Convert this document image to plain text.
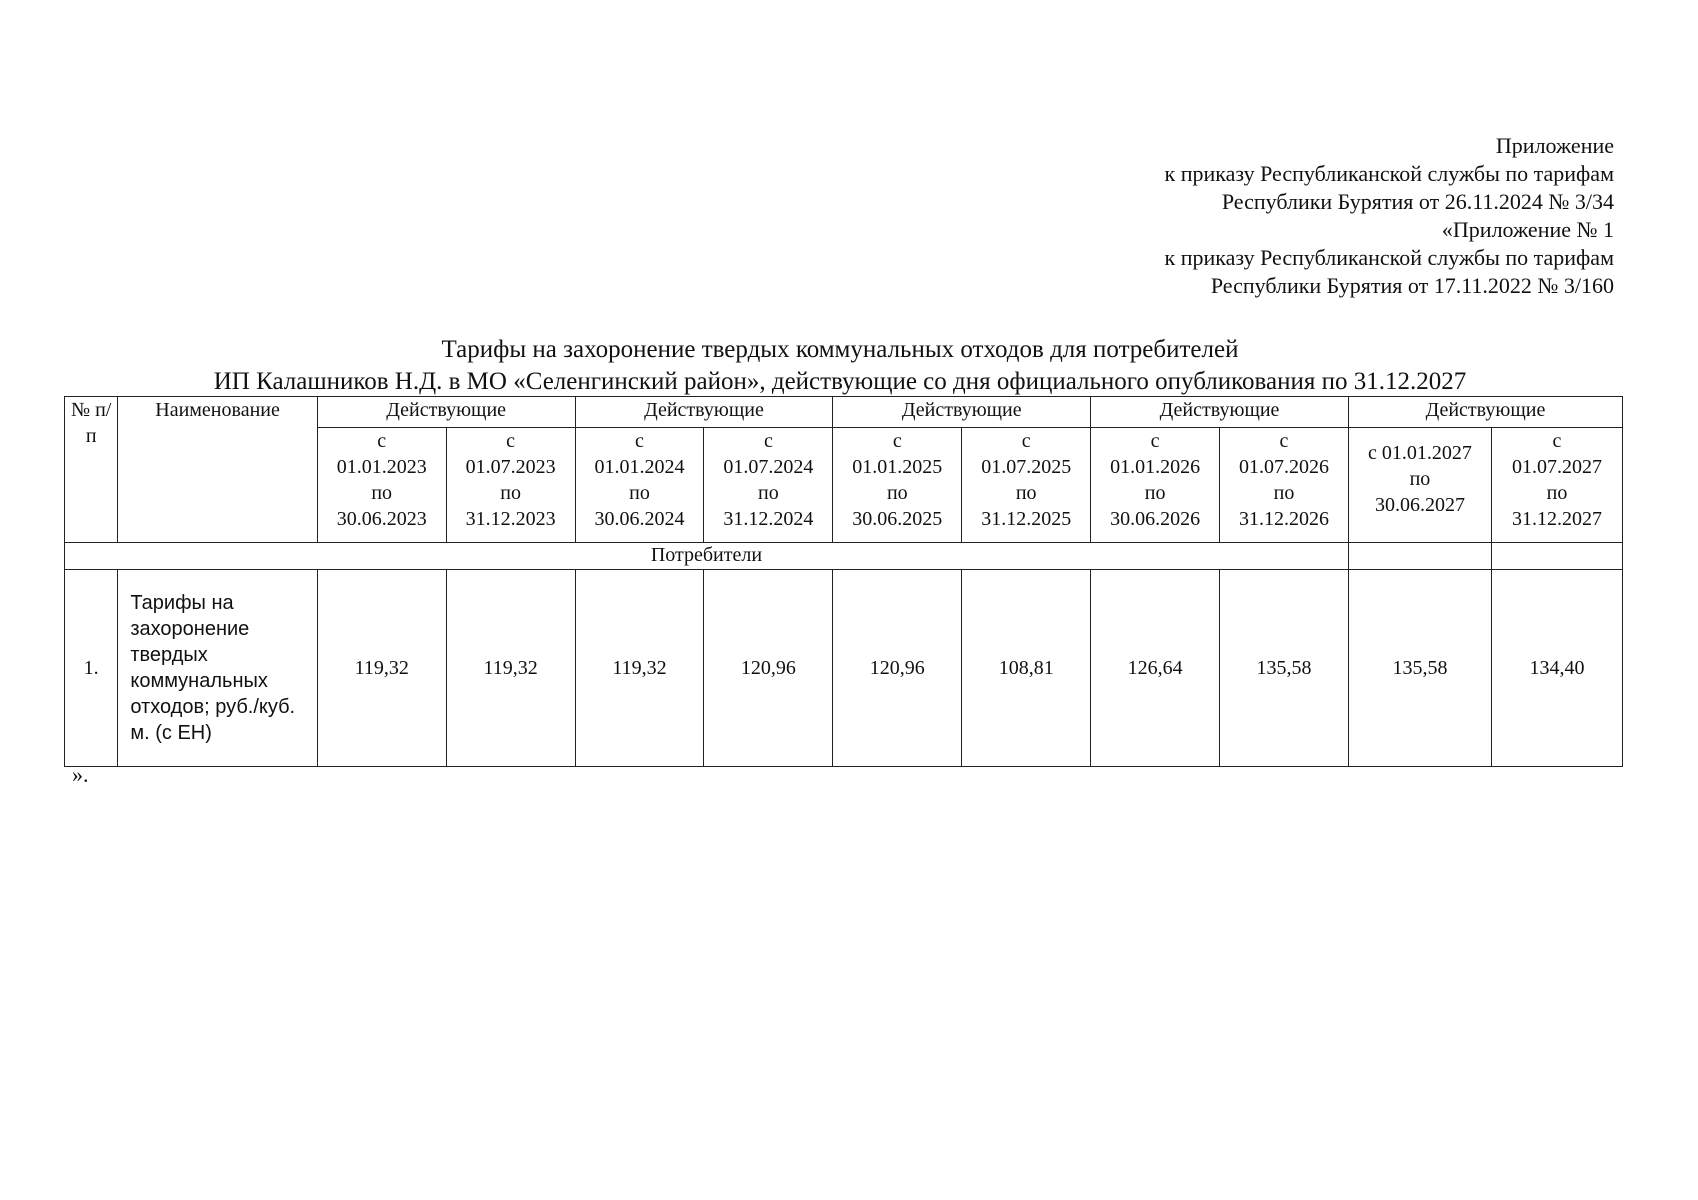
Приложение
к приказу Республиканской службы по тарифам
Республики Бурятия от 26.11.2024 № 3/34
«Приложение № 1
к приказу Республиканской службы по тарифам
Республики Бурятия от 17.11.2022 № 3/160
Тарифы на захоронение твердых коммунальных отходов для потребителей
ИП Калашников Н.Д. в МО «Селенгинский район», действующие со дня официального опубликования по 31.12.2027
№ п/п	Наименование	Действующие		Действующие		Действующие		Действующие		Действующие	

		с
01.01.2023
по
30.06.2023	с
01.07.2023
по
31.12.2023	с
01.01.2024
по
30.06.2024	с
01.07.2024
по
31.12.2024	с
01.01.2025
по
30.06.2025	с
01.07.2025
по
31.12.2025	с
01.01.2026
по
30.06.2026	с
01.07.2026
по
31.12.2026	с 01.01.2027
по
30.06.2027	с
01.07.2027
по
31.12.2027

Потребители											
1.	Тарифы на захоронение твердых коммунальных отходов; руб./куб. м. (с ЕН)	119,32	119,32	119,32	120,96	120,96	108,81	126,64	135,58	135,58	134,40
».
